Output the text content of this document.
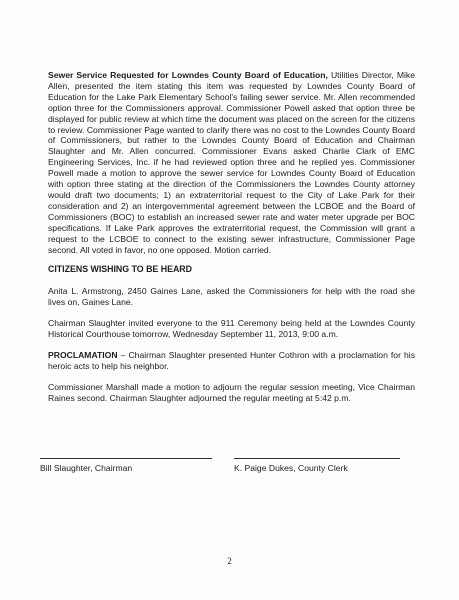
Sewer Service Requested for Lowndes County Board of Education, Utilities Director, Mike Allen, presented the item stating this item was requested by Lowndes County Board of Education for the Lake Park Elementary School's failing sewer service. Mr. Allen recommended option three for the Commissioners approval. Commissioner Powell asked that option three be displayed for public review at which time the document was placed on the screen for the citizens to review. Commissioner Page wanted to clarify there was no cost to the Lowndes County Board of Commissioners, but rather to the Lowndes County Board of Education and Chairman Slaughter and Mr. Allen concurred. Commissioner Evans asked Charlie Clark of EMC Engineering Services, Inc. if he had reviewed option three and he replied yes. Commissioner Powell made a motion to approve the sewer service for Lowndes County Board of Education with option three stating at the direction of the Commissioners the Lowndes County attorney would draft two documents; 1) an extraterritorial request to the City of Lake Park for their consideration and 2) an intergovernmental agreement between the LCBOE and the Board of Commissioners (BOC) to establish an increased sewer rate and water meter upgrade per BOC specifications. If Lake Park approves the extraterritorial request, the Commission will grant a request to the LCBOE to connect to the existing sewer infrastructure, Commissioner Page second. All voted in favor, no one opposed. Motion carried.

CITIZENS WISHING TO BE HEARD

Anita L. Armstrong, 2450 Gaines Lane, asked the Commissioners for help with the road she lives on, Gaines Lane.

Chairman Slaughter invited everyone to the 911 Ceremony being held at the Lowndes County Historical Courthouse tomorrow, Wednesday September 11, 2013, 9:00 a.m.

PROCLAMATION – Chairman Slaughter presented Hunter Cothron with a proclamation for his heroic acts to help his neighbor.

Commissioner Marshall made a motion to adjourn the regular session meeting, Vice Chairman Raines second. Chairman Slaughter adjourned the regular meeting at 5:42 p.m.

Bill Slaughter, Chairman	K. Paige Dukes, County Clerk
2
